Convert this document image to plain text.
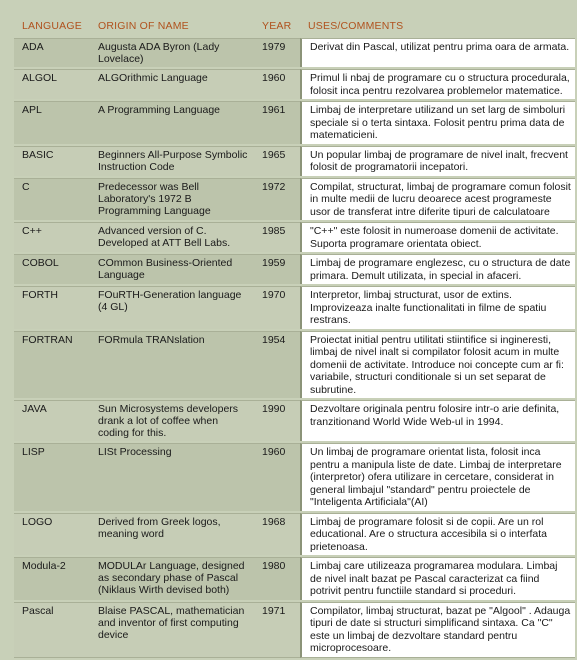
LANGUAGE	ORIGIN OF NAME	YEAR	USES/COMMENTS
ADA	Augusta ADA Byron (Lady Lovelace)	1979	Derivat din Pascal, utilizat pentru prima oara de armata.
ALGOL	ALGOrithmic Language	1960	Primul li nbaj de programare cu o structura procedurala, folosit inca pentru rezolvarea problemelor matematice.
APL	A Programming Language	1961	Limbaj de interpretare utilizand un set larg de simboluri speciale si o terta sintaxa. Folosit pentru prima data de matematicieni.
BASIC	Beginners All-Purpose Symbolic Instruction Code	1965	Un popular limbaj de programare de nivel inalt, frecvent folosit de programatorii incepatori.
C	Predecessor was Bell Laboratory's 1972 B Programming Language	1972	Compilat, structurat, limbaj de programare comun folosit in multe medii de lucru deoarece acest programeste usor de transferat intre diferite tipuri de calculatoare
C++	Advanced version of C. Developed at ATT Bell Labs.	1985	"C++" este folosit in numeroase domenii de activitate. Suporta programare orientata obiect.
COBOL	COmmon Business-Oriented Language	1959	Limbaj de programare englezesc, cu o structura de date primara. Demult utilizata, in special in afaceri.
FORTH	FOuRTH-Generation language (4 GL)	1970	Interpretor, limbaj structurat, usor de extins. Improvizeaza inalte functionalitati in filme de spatiu restrans.
FORTRAN	FORmula TRANslation	1954	Proiectat initial pentru utilitati stiintifice si ingineresti, limbaj de nivel inalt si compilator folosit acum in multe domenii de activitate. Introduce noi concepte cum ar fi: variabile, structuri conditionale si un set separat de subrutine.
JAVA	Sun Microsystems developers drank a lot of coffee when coding for this.	1990	Dezvoltare originala pentru folosire intr-o arie definita, tranzitionand World Wide Web-ul in 1994.
LISP	LISt Processing	1960	Un limbaj de programare orientat lista, folosit inca pentru a manipula liste de date. Limbaj de interpretare (interpretor) ofera utilizare in cercetare, considerat in general limbajul "standard" pentru proiectele de "Inteligenta Artificiala"(AI)
LOGO	Derived from Greek logos, meaning word	1968	Limbaj de programare folosit si de copii. Are un rol educational. Are o structura accesibila si o interfata prietenoasa.
Modula-2	MODULAr Language, designed as secondary phase of Pascal (Niklaus Wirth devised both)	1980	Limbaj care utilizeaza programarea modulara. Limbaj de nivel inalt bazat pe Pascal caracterizat ca fiind potrivit pentru functiile standard si proceduri.
Pascal	Blaise PASCAL, mathematician and inventor of first computing device	1971	Compilator, limbaj structurat, bazat pe "Algool" . Adauga tipuri de date si structuri simplificand sintaxa. Ca "C" este un limbaj de dezvoltare standard pentru microprocesoare.
